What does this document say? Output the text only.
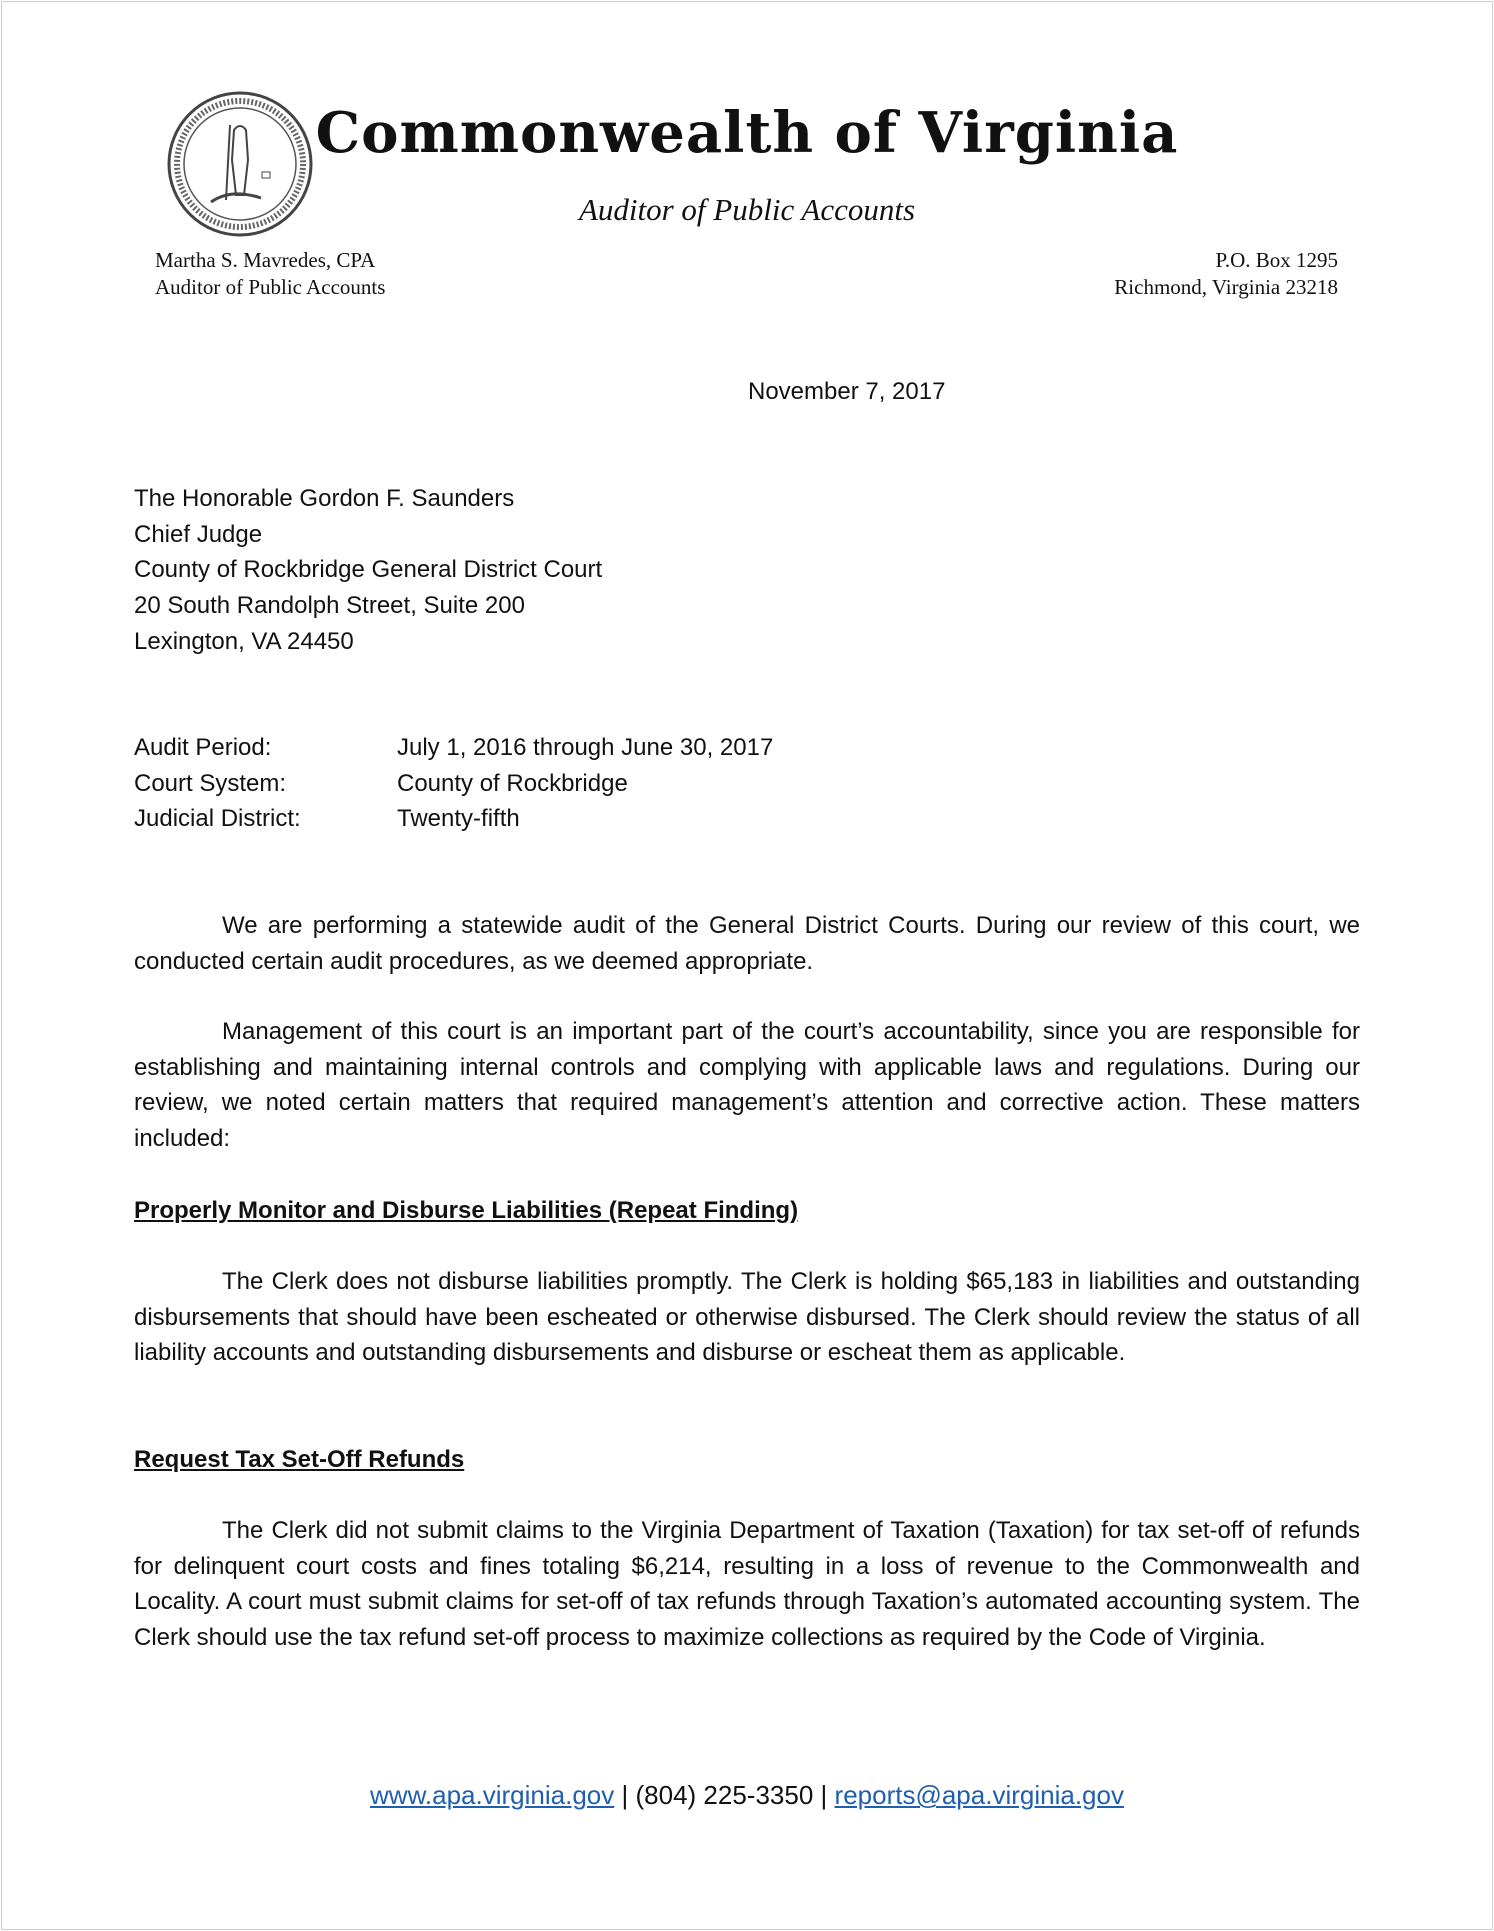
Commonwealth of Virginia
Auditor of Public Accounts
Martha S. Mavredes, CPA
Auditor of Public Accounts
P.O. Box 1295
Richmond, Virginia 23218
November 7, 2017
The Honorable Gordon F. Saunders
Chief Judge
County of Rockbridge General District Court
20 South Randolph Street, Suite 200
Lexington, VA 24450
Audit Period:	July 1, 2016 through June 30, 2017
Court System:	County of Rockbridge
Judicial District:	Twenty-fifth

We are performing a statewide audit of the General District Courts. During our review of this court, we conducted certain audit procedures, as we deemed appropriate.

Management of this court is an important part of the court’s accountability, since you are responsible for establishing and maintaining internal controls and complying with applicable laws and regulations. During our review, we noted certain matters that required management’s attention and corrective action. These matters included:

Properly Monitor and Disburse Liabilities (Repeat Finding)

The Clerk does not disburse liabilities promptly. The Clerk is holding $65,183 in liabilities and outstanding disbursements that should have been escheated or otherwise disbursed. The Clerk should review the status of all liability accounts and outstanding disbursements and disburse or escheat them as applicable.

Request Tax Set-Off Refunds

The Clerk did not submit claims to the Virginia Department of Taxation (Taxation) for tax set-off of refunds for delinquent court costs and fines totaling $6,214, resulting in a loss of revenue to the Commonwealth and Locality. A court must submit claims for set-off of tax refunds through Taxation’s automated accounting system. The Clerk should use the tax refund set-off process to maximize collections as required by the Code of Virginia.

www.apa.virginia.gov | (804) 225-3350 | reports@apa.virginia.gov
